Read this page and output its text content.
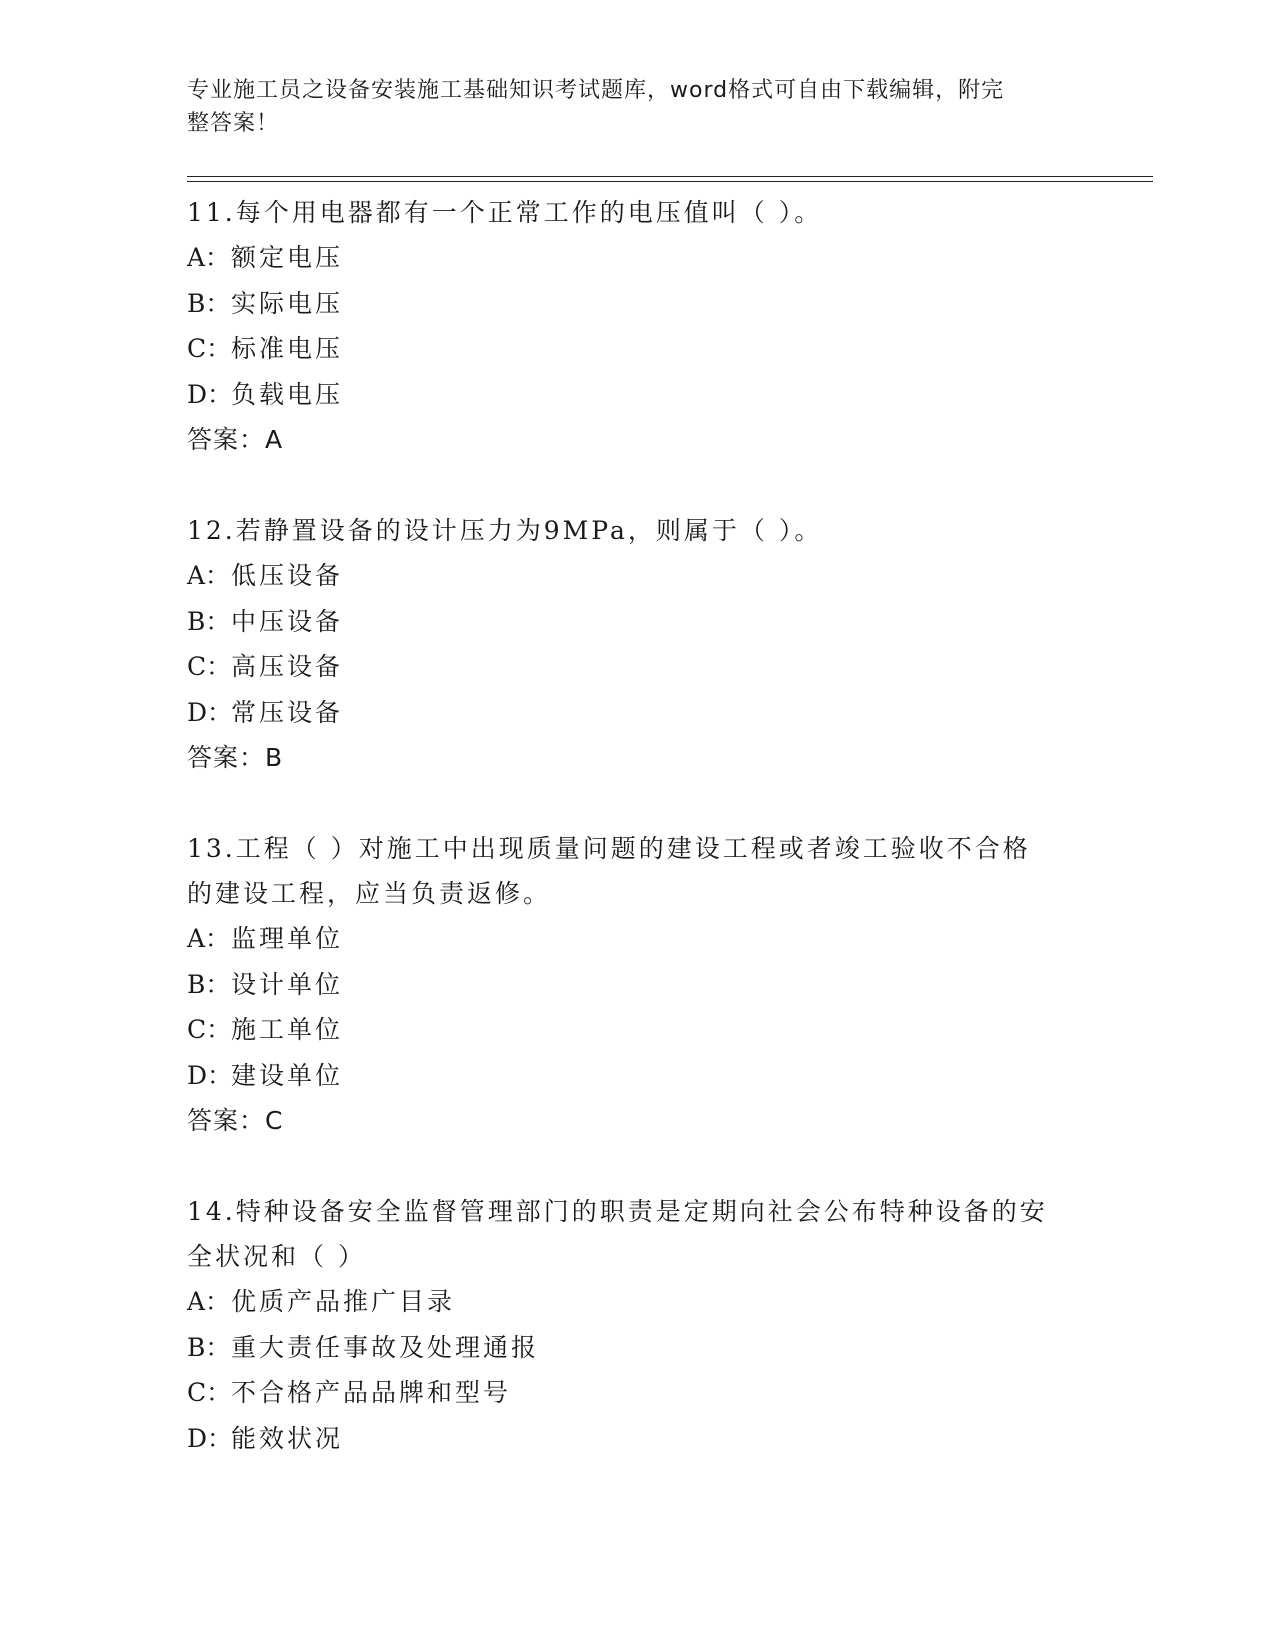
专业施工员之设备安装施工基础知识考试题库，word格式可自由下载编辑，附完
整答案！
11.每个用电器都有一个正常工作的电压值叫（ ）。
A： 额定电压
B： 实际电压
C： 标准电压
D：
负载电压
答案：A
12.若静置设备的设计压力为9MPa，则属于（ ）。
A： 低压设备
B： 中压设备
C： 高压设备
D：
常压设备
答案：B
13.工程（ ）对施工中出现质量问题的建设工程或者竣工验收不合格
的建设工程，应当负责返修。
A： 监理单位
B： 设计单位
C： 施工单位
D：
建设单位
答案：C
14.特种设备安全监督管理部门的职责是定期向社会公布特种设备的安
全状况和（ ）
A： 优质产品推广目录
B： 重大责任事故及处理通报
C： 不合格产品品牌和型号
D：
能效状况
